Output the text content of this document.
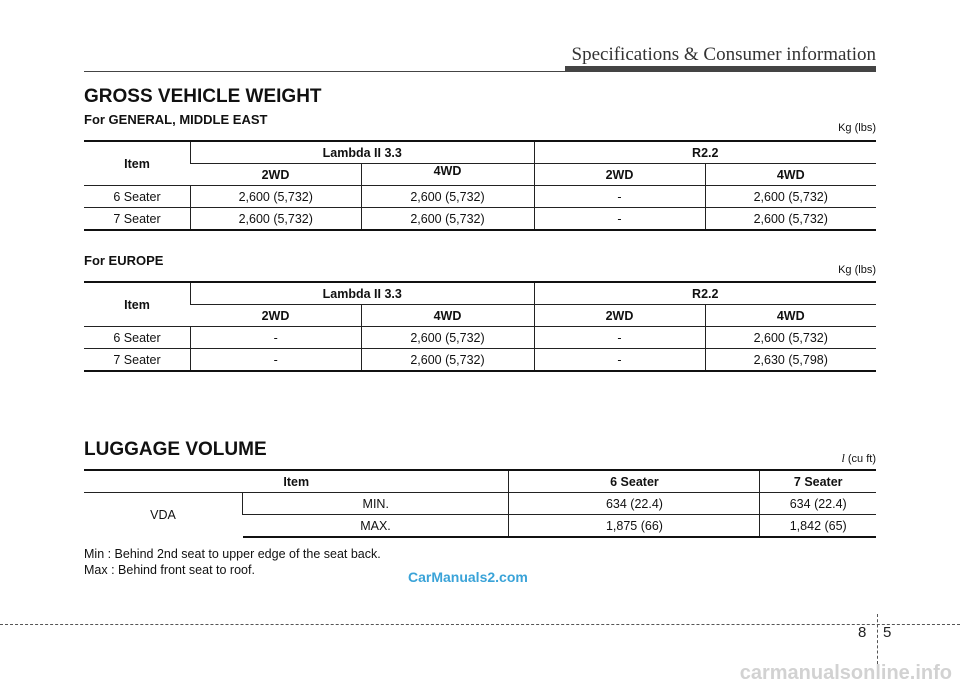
Specifications & Consumer information
GROSS VEHICLE WEIGHT
For GENERAL, MIDDLE EAST
Kg (lbs)
Item	Lambda II 3.3		R2.2	
	2WD	4WD	2WD	4WD
6 Seater	2,600 (5,732)	2,600 (5,732)	-	2,600 (5,732)
7 Seater	2,600 (5,732)	2,600 (5,732)	-	2,600 (5,732)
For EUROPE
Kg (lbs)
Item	Lambda II 3.3		R2.2	
	2WD	4WD	2WD	4WD
6 Seater	-	2,600 (5,732)	-	2,600 (5,732)
7 Seater	-	2,600 (5,732)	-	2,630 (5,798)
LUGGAGE VOLUME	l (cu ft)
Item		6 Seater	7 Seater
VDA	MIN.	634 (22.4)	634 (22.4)
	MAX.	1,875 (66)	1,842 (65)
Min : Behind 2nd seat to upper edge of the seat back.
Max : Behind front seat to roof.	CarManuals2.com
8 5
carmanualsonline.info
